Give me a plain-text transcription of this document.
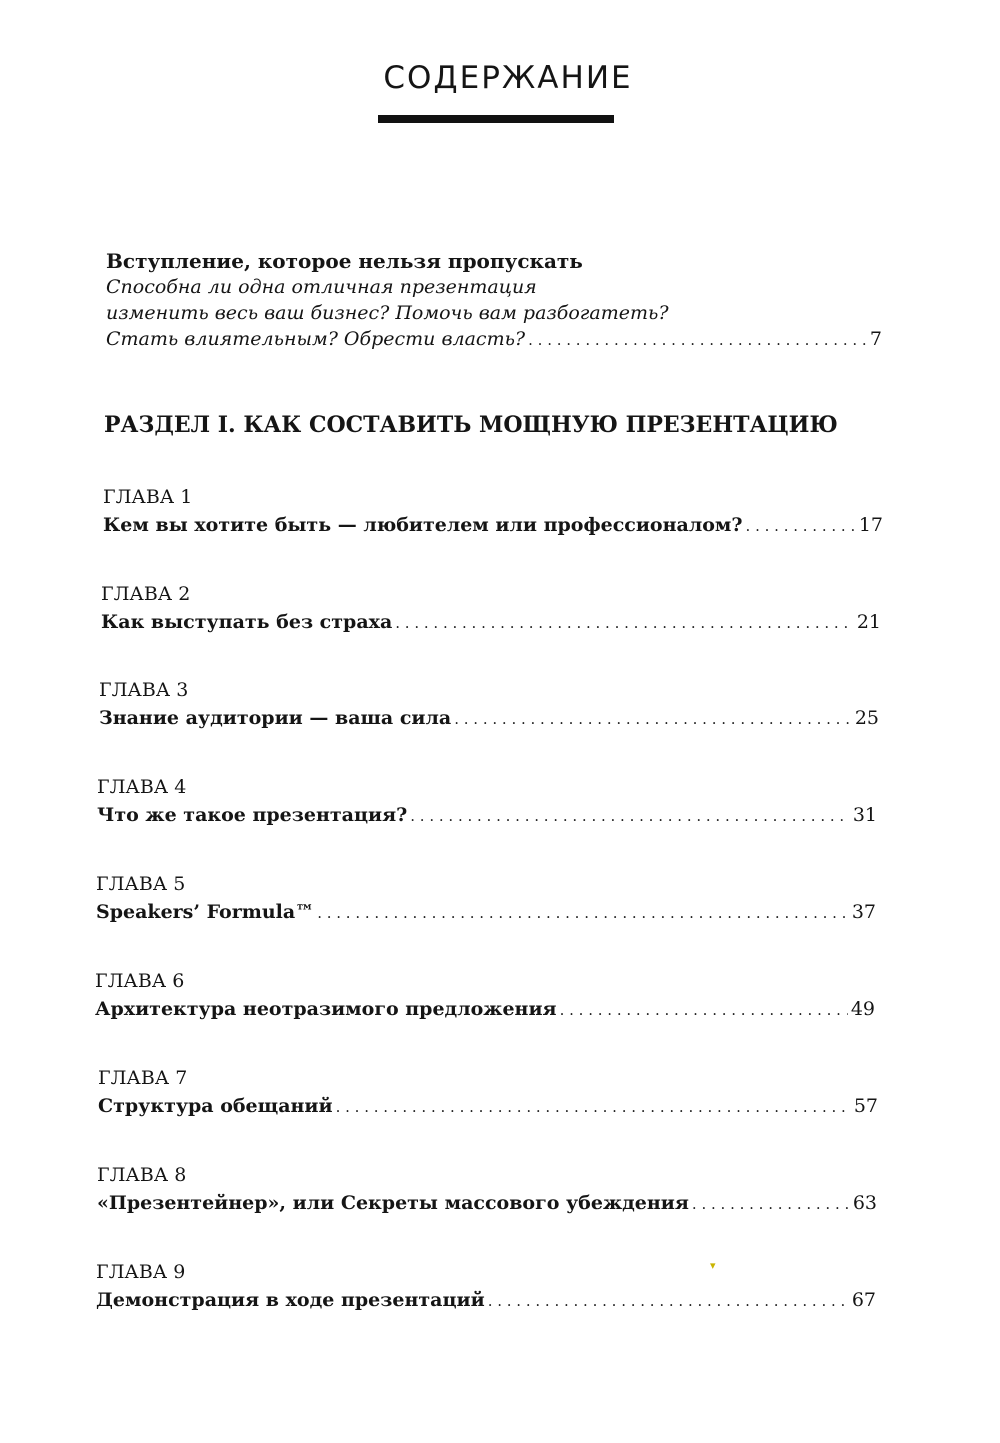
СОДЕРЖАНИЕ
Вступление, которое нельзя пропускать
Способна ли одна отличная презентация
изменить весь ваш бизнес? Помочь вам разбогатеть?
Стать влиятельным? Обрести власть? . . .	7
РАЗДЕЛ I. КАК СОСТАВИТЬ МОЩНУЮ ПРЕЗЕНТАЦИЮ
ГЛАВА 1
Кем вы хотите быть — любителем или профессионалом? . . .	17
ГЛАВА 2
Как выступать без страха . . .	21
ГЛАВА 3
Знание аудитории — ваша сила . . .	25
ГЛАВА 4
Что же такое презентация? . . .	31
ГЛАВА 5
Speakers’ Formula™ . . .	37
ГЛАВА 6
Архитектура неотразимого предложения . . .	49
ГЛАВА 7
Структура обещаний . . .	57
ГЛАВА 8
«Презентейнер», или Секреты массового убеждения . . .	63
ГЛАВА 9
Демонстрация в ходе презентаций . . .	67
▾
